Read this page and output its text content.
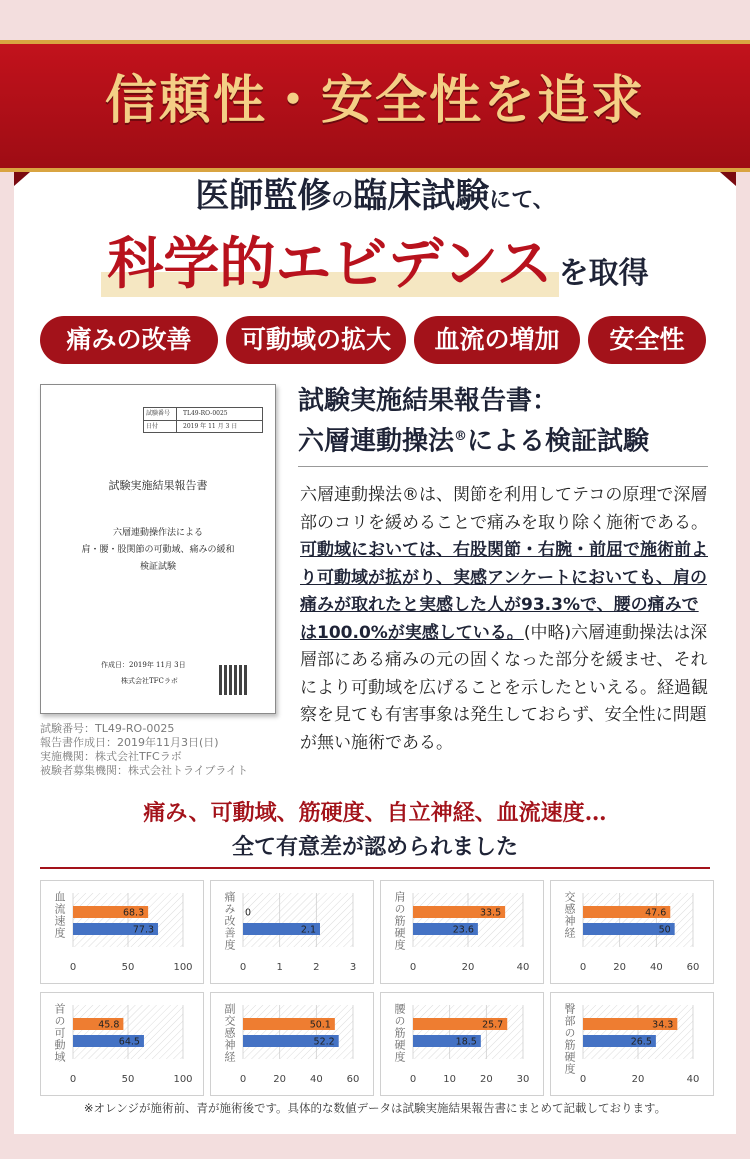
信頼性・安全性を追求
医師監修の臨床試験にて、
科学的エビデンス を取得
痛みの改善	可動域の拡大	血流の増加	安全性
試験番号	TL49-RO-0025
日付	2019 年 11 月 3 日
試験実施結果報告書
六層連動操作法による
肩・腰・股関節の可動域、痛みの緩和
検証試験
作成日：2019年 11月 3日
株式会社TFCラボ
試験番号：TL49-RO-0025
報告書作成日：2019年11月3日(日)
実施機関：株式会社TFCラボ
被験者募集機関：株式会社トライブライト
試験実施結果報告書：
六層連動操法®による検証試験
六層連動操法®は、関節を利用してテコの原理で深層部のコリを緩めることで痛みを取り除く施術である。可動域においては、右股関節・右腕・前屈で施術前より可動域が拡がり、実感アンケートにおいても、肩の痛みが取れたと実感した人が93.3%で、腰の痛みでは100.0%が実感している。(中略)六層連動操法は深層部にある痛みの元の固くなった部分を緩ませ、それにより可動域を広げることを示したといえる。経過観察を見ても有害事象は発生しておらず、安全性に問題が無い施術である。
痛み、可動域、筋硬度、自立神経、血流速度…
全て有意差が認められました
0	50	100
68.3
77.3
血流速度
0	1	2	3
0
2.1
痛み改善度
0	20	40
33.5
23.6
肩の筋硬度
0	20 40 60
47.6
50
交感神経
0	50	100
45.8
64.5
首の可動域
0	20 40 60
50.1
52.2
副交感神経
0	10 20 30
25.7
18.5
腰の筋硬度
0	20	40
34.3
26.5
臀部の筋硬度
※オレンジが施術前、青が施術後です。具体的な数値データは試験実施結果報告書にまとめて記載しております。
